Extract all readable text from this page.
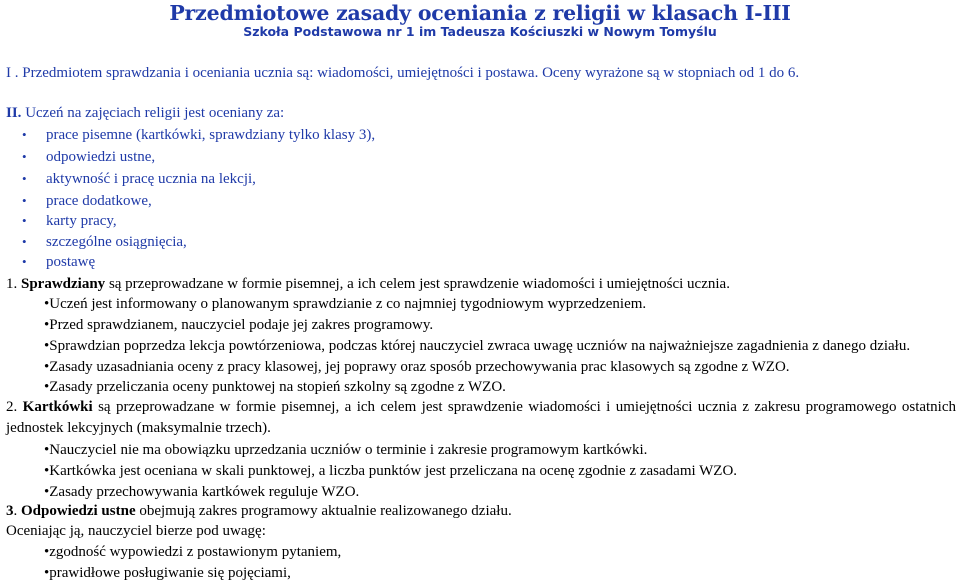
Przedmiotowe zasady oceniania z religii w klasach I-III
Szkoła Podstawowa nr 1 im Tadeusza Kościuszki w Nowym Tomyślu
I . Przedmiotem sprawdzania i oceniania ucznia są: wiadomości, umiejętności i postawa. Oceny wyrażone są w stopniach od 1 do 6.
II. Uczeń na zajęciach religii jest oceniany za:
• prace pisemne (kartkówki, sprawdziany tylko klasy 3),
• odpowiedzi ustne,
• aktywność i pracę ucznia na lekcji,
• prace dodatkowe,
• karty pracy,
• szczególne osiągnięcia,
• postawę
1. Sprawdziany są przeprowadzane w formie pisemnej, a ich celem jest sprawdzenie wiadomości i umiejętności ucznia.
•Uczeń jest informowany o planowanym sprawdzianie z co najmniej tygodniowym wyprzedzeniem.
•Przed sprawdzianem, nauczyciel podaje jej zakres programowy.
•Sprawdzian poprzedza lekcja powtórzeniowa, podczas której nauczyciel zwraca uwagę uczniów na najważniejsze zagadnienia z danego działu.
•Zasady uzasadniania oceny z pracy klasowej, jej poprawy oraz sposób przechowywania prac klasowych są zgodne z WZO.
•Zasady przeliczania oceny punktowej na stopień szkolny są zgodne z WZO.
2. Kartkówki są przeprowadzane w formie pisemnej, a ich celem jest sprawdzenie wiadomości i umiejętności ucznia z zakresu programowego ostatnich jednostek lekcyjnych (maksymalnie trzech).
•Nauczyciel nie ma obowiązku uprzedzania uczniów o terminie i zakresie programowym kartkówki.
•Kartkówka jest oceniana w skali punktowej, a liczba punktów jest przeliczana na ocenę zgodnie z zasadami WZO.
•Zasady przechowywania kartkówek reguluje WZO.
3. Odpowiedzi ustne obejmują zakres programowy aktualnie realizowanego działu.
Oceniając ją, nauczyciel bierze pod uwagę:
•zgodność wypowiedzi z postawionym pytaniem,
•prawidłowe posługiwanie się pojęciami,
